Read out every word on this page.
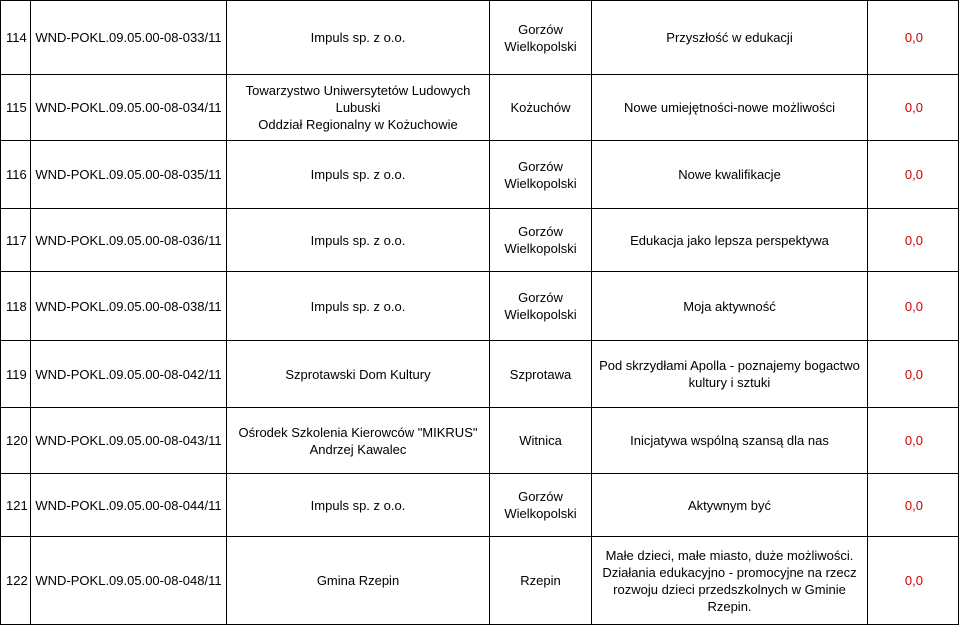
114	WND-POKL.09.05.00-08-033/11	Impuls sp. z o.o.	Gorzów
Wielkopolski	Przyszłość w edukacji	0,0
115	WND-POKL.09.05.00-08-034/11	Towarzystwo Uniwersytetów Ludowych Lubuski
Oddział Regionalny w Kożuchowie	Kożuchów	Nowe umiejętności-nowe możliwości	0,0
116	WND-POKL.09.05.00-08-035/11	Impuls sp. z o.o.	Gorzów
Wielkopolski	Nowe kwalifikacje	0,0
117	WND-POKL.09.05.00-08-036/11	Impuls sp. z o.o.	Gorzów
Wielkopolski	Edukacja jako lepsza perspektywa	0,0
118	WND-POKL.09.05.00-08-038/11	Impuls sp. z o.o.	Gorzów
Wielkopolski	Moja aktywność	0,0
119	WND-POKL.09.05.00-08-042/11	Szprotawski Dom Kultury	Szprotawa	Pod skrzydłami Apolla - poznajemy bogactwo
kultury i sztuki	0,0
120	WND-POKL.09.05.00-08-043/11	Ośrodek Szkolenia Kierowców "MIKRUS"
Andrzej Kawalec	Witnica	Inicjatywa wspólną szansą dla nas	0,0
121	WND-POKL.09.05.00-08-044/11	Impuls sp. z o.o.	Gorzów
Wielkopolski	Aktywnym być	0,0
122	WND-POKL.09.05.00-08-048/11	Gmina Rzepin	Rzepin	Małe dzieci, małe miasto, duże możliwości.
Działania edukacyjno - promocyjne na rzecz
rozwoju dzieci przedszkolnych w Gminie Rzepin.	0,0
